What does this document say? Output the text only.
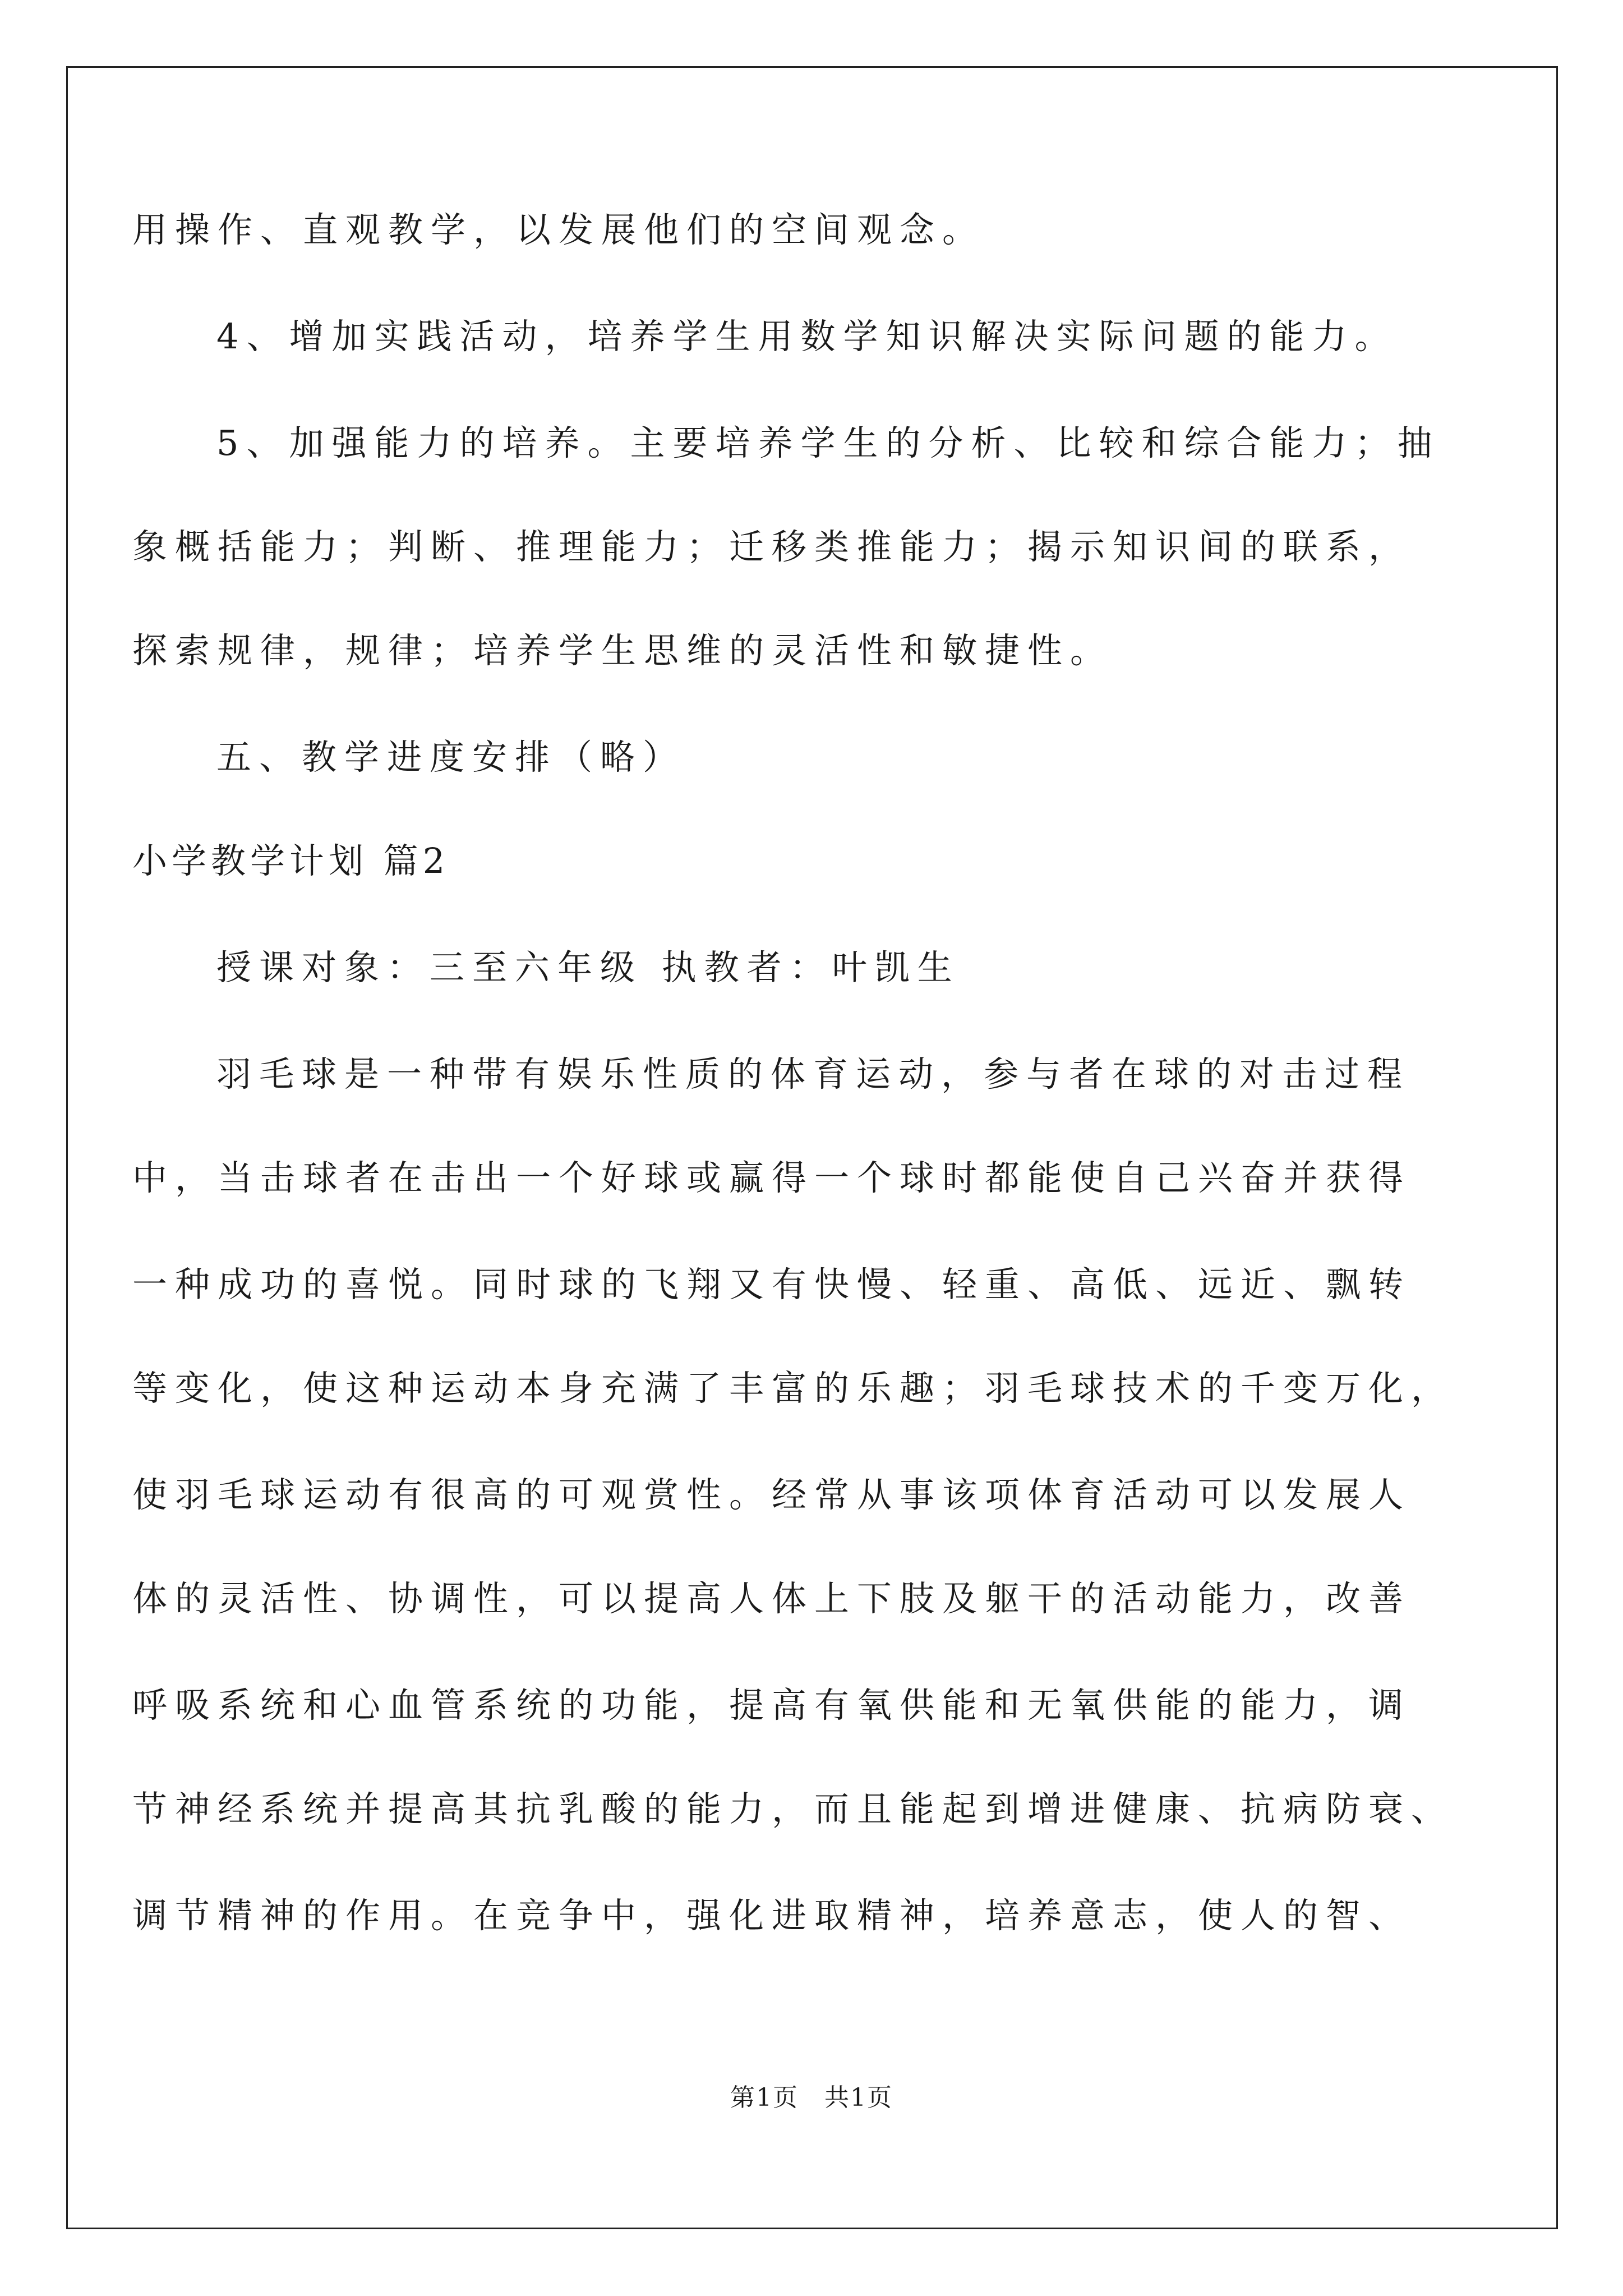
用操作、直观教学，以发展他们的空间观念。
4、增加实践活动，培养学生用数学知识解决实际问题的能力。
5、加强能力的培养。主要培养学生的分析、比较和综合能力；抽
象概括能力；判断、推理能力；迁移类推能力；揭示知识间的联系，
探索规律，规律；培养学生思维的灵活性和敏捷性。
五、教学进度安排（略）
小学教学计划 篇2
授课对象：三至六年级 执教者：叶凯生
羽毛球是一种带有娱乐性质的体育运动，参与者在球的对击过程
中，当击球者在击出一个好球或赢得一个球时都能使自己兴奋并获得
一种成功的喜悦。同时球的飞翔又有快慢、轻重、高低、远近、飘转
等变化，使这种运动本身充满了丰富的乐趣；羽毛球技术的千变万化，
使羽毛球运动有很高的可观赏性。经常从事该项体育活动可以发展人
体的灵活性、协调性，可以提高人体上下肢及躯干的活动能力，改善
呼吸系统和心血管系统的功能，提高有氧供能和无氧供能的能力，调
节神经系统并提高其抗乳酸的能力，而且能起到增进健康、抗病防衰、
调节精神的作用。在竞争中，强化进取精神，培养意志，使人的智、
第1页　共1页
